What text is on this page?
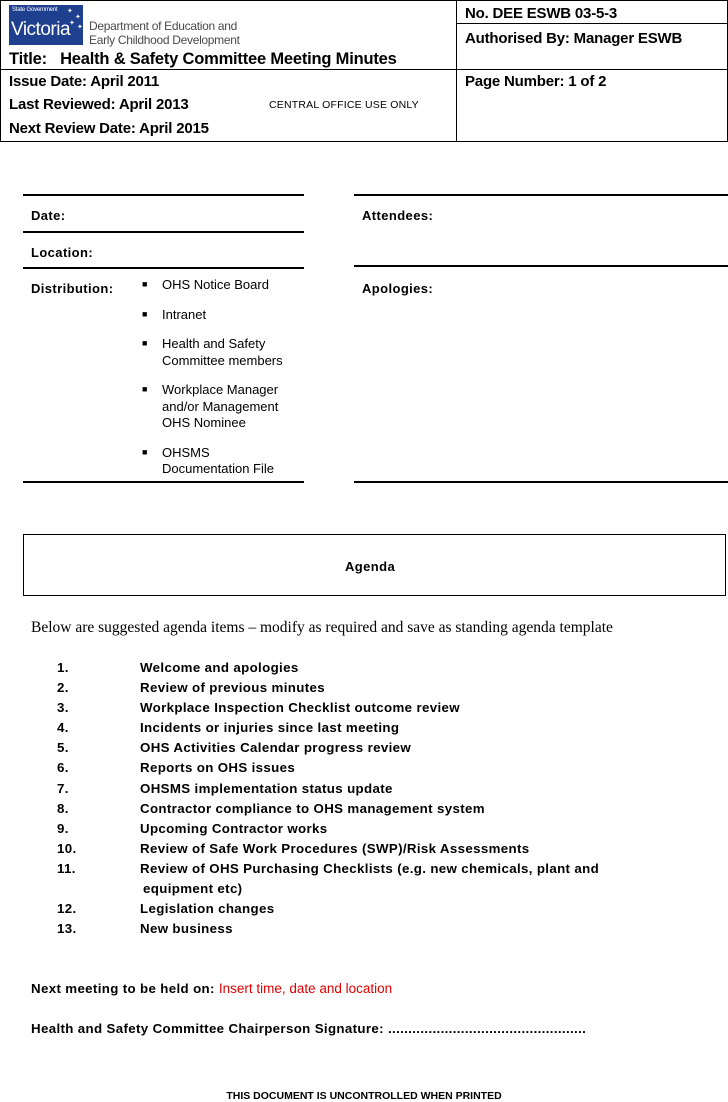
State Government
Victoria
✦
✦
✦
✦ Department of Education and
Early Childhood Development
Title: Health & Safety Committee Meeting Minutes
No. DEE ESWB 03-5-3
Authorised By: Manager ESWB
Issue Date: April 2011
Last Reviewed: April 2013
Next Review Date: April 2015
CENTRAL OFFICE USE ONLY
Page Number: 1 of 2
Date:
Location:
Distribution:	■ OHS Notice Board
■ Intranet
■ Health and Safety
Committee members
■ Workplace Manager
and/or Management
OHS Nominee
■ OHSMS
Documentation File
Attendees:
Apologies:
Agenda
Below are suggested agenda items – modify as required and save as standing agenda template
1.	Welcome and apologies
2.	Review of previous minutes
3.	Workplace Inspection Checklist outcome review
4.	Incidents or injuries since last meeting
5.	OHS Activities Calendar progress review
6.	Reports on OHS issues
7.	OHSMS implementation status update
8.	Contractor compliance to OHS management system
9.	Upcoming Contractor works
10.	Review of Safe Work Procedures (SWP)/Risk Assessments
11.	Review of OHS Purchasing Checklists (e.g. new chemicals, plant and
equipment etc)
12.	Legislation changes
13.	New business
Next meeting to be held on: Insert time, date and location
Health and Safety Committee Chairperson Signature: .................................................
THIS DOCUMENT IS UNCONTROLLED WHEN PRINTED
